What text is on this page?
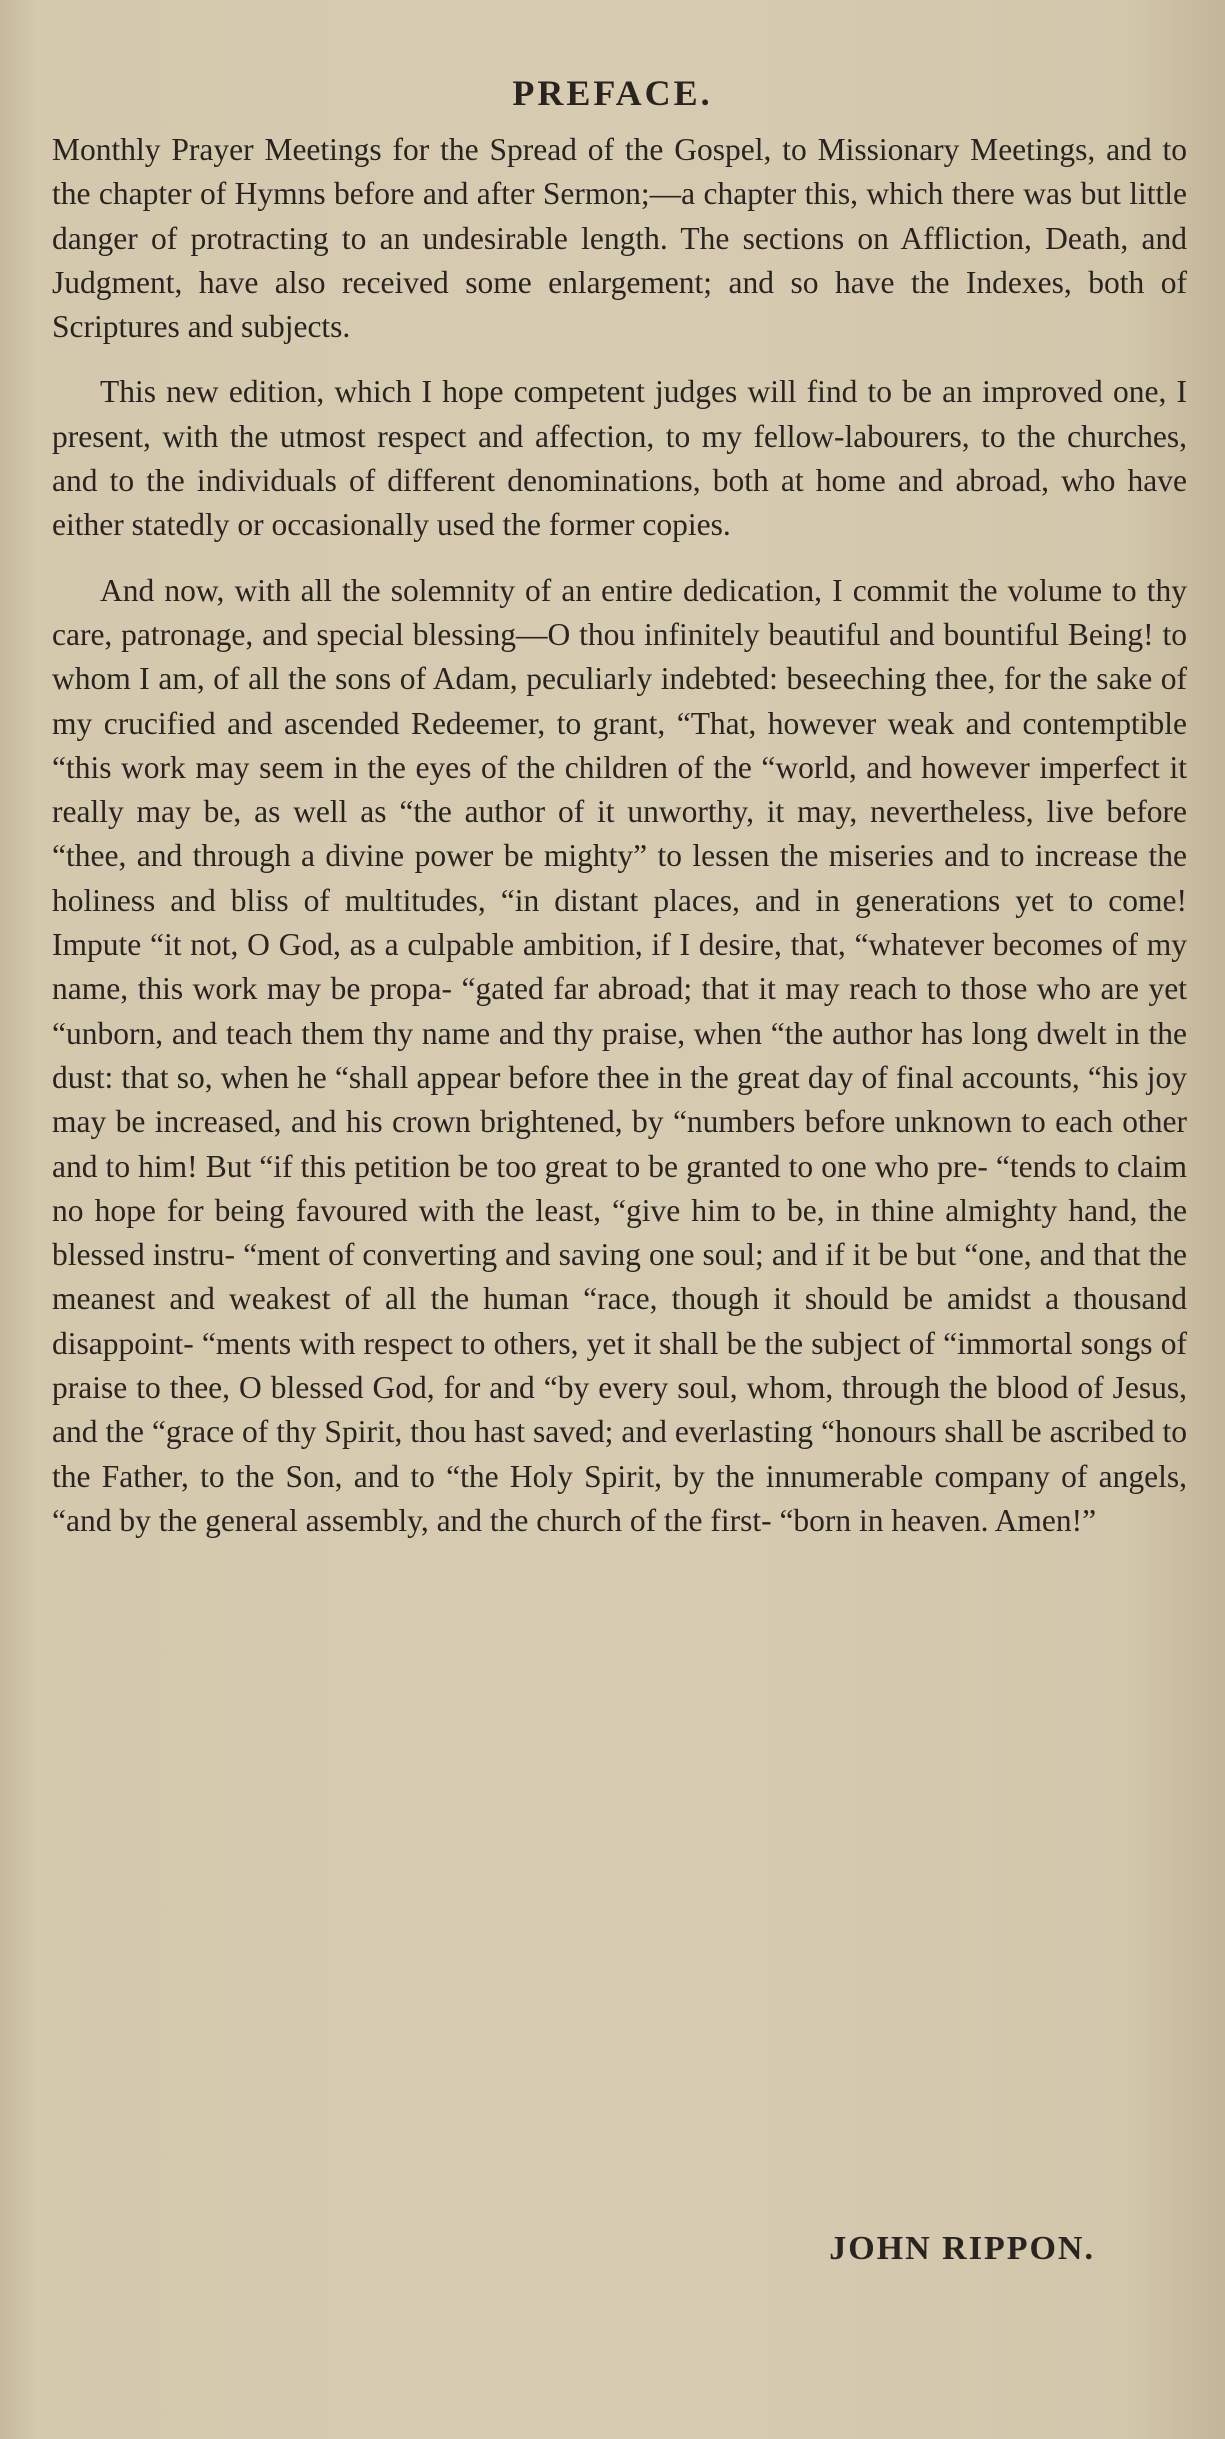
PREFACE.

Monthly Prayer Meetings for the Spread of the Gospel, to Missionary Meetings, and to the chapter of Hymns before and after Sermon;—a chapter this, which there was but little danger of protracting to an undesirable length. The sections on Affliction, Death, and Judgment, have also received some enlargement; and so have the Indexes, both of Scriptures and subjects.

This new edition, which I hope competent judges will find to be an improved one, I present, with the utmost respect and affection, to my fellow-labourers, to the churches, and to the individuals of different denominations, both at home and abroad, who have either statedly or occasionally used the former copies.

And now, with all the solemnity of an entire dedication, I commit the volume to thy care, patronage, and special blessing—O thou infinitely beautiful and bountiful Being! to whom I am, of all the sons of Adam, peculiarly indebted: beseeching thee, for the sake of my crucified and ascended Redeemer, to grant, “That, however weak and contemptible “this work may seem in the eyes of the children of the “world, and however imperfect it really may be, as well as “the author of it unworthy, it may, nevertheless, live before “thee, and through a divine power be mighty” to lessen the miseries and to increase the holiness and bliss of multitudes, “in distant places, and in generations yet to come! Impute “it not, O God, as a culpable ambition, if I desire, that, “whatever becomes of my name, this work may be propa- “gated far abroad; that it may reach to those who are yet “unborn, and teach them thy name and thy praise, when “the author has long dwelt in the dust: that so, when he “shall appear before thee in the great day of final accounts, “his joy may be increased, and his crown brightened, by “numbers before unknown to each other and to him! But “if this petition be too great to be granted to one who pre- “tends to claim no hope for being favoured with the least, “give him to be, in thine almighty hand, the blessed instru- “ment of converting and saving one soul; and if it be but “one, and that the meanest and weakest of all the human “race, though it should be amidst a thousand disappoint- “ments with respect to others, yet it shall be the subject of “immortal songs of praise to thee, O blessed God, for and “by every soul, whom, through the blood of Jesus, and the “grace of thy Spirit, thou hast saved; and everlasting “honours shall be ascribed to the Father, to the Son, and to “the Holy Spirit, by the innumerable company of angels, “and by the general assembly, and the church of the first- “born in heaven. Amen!”

JOHN RIPPON.
